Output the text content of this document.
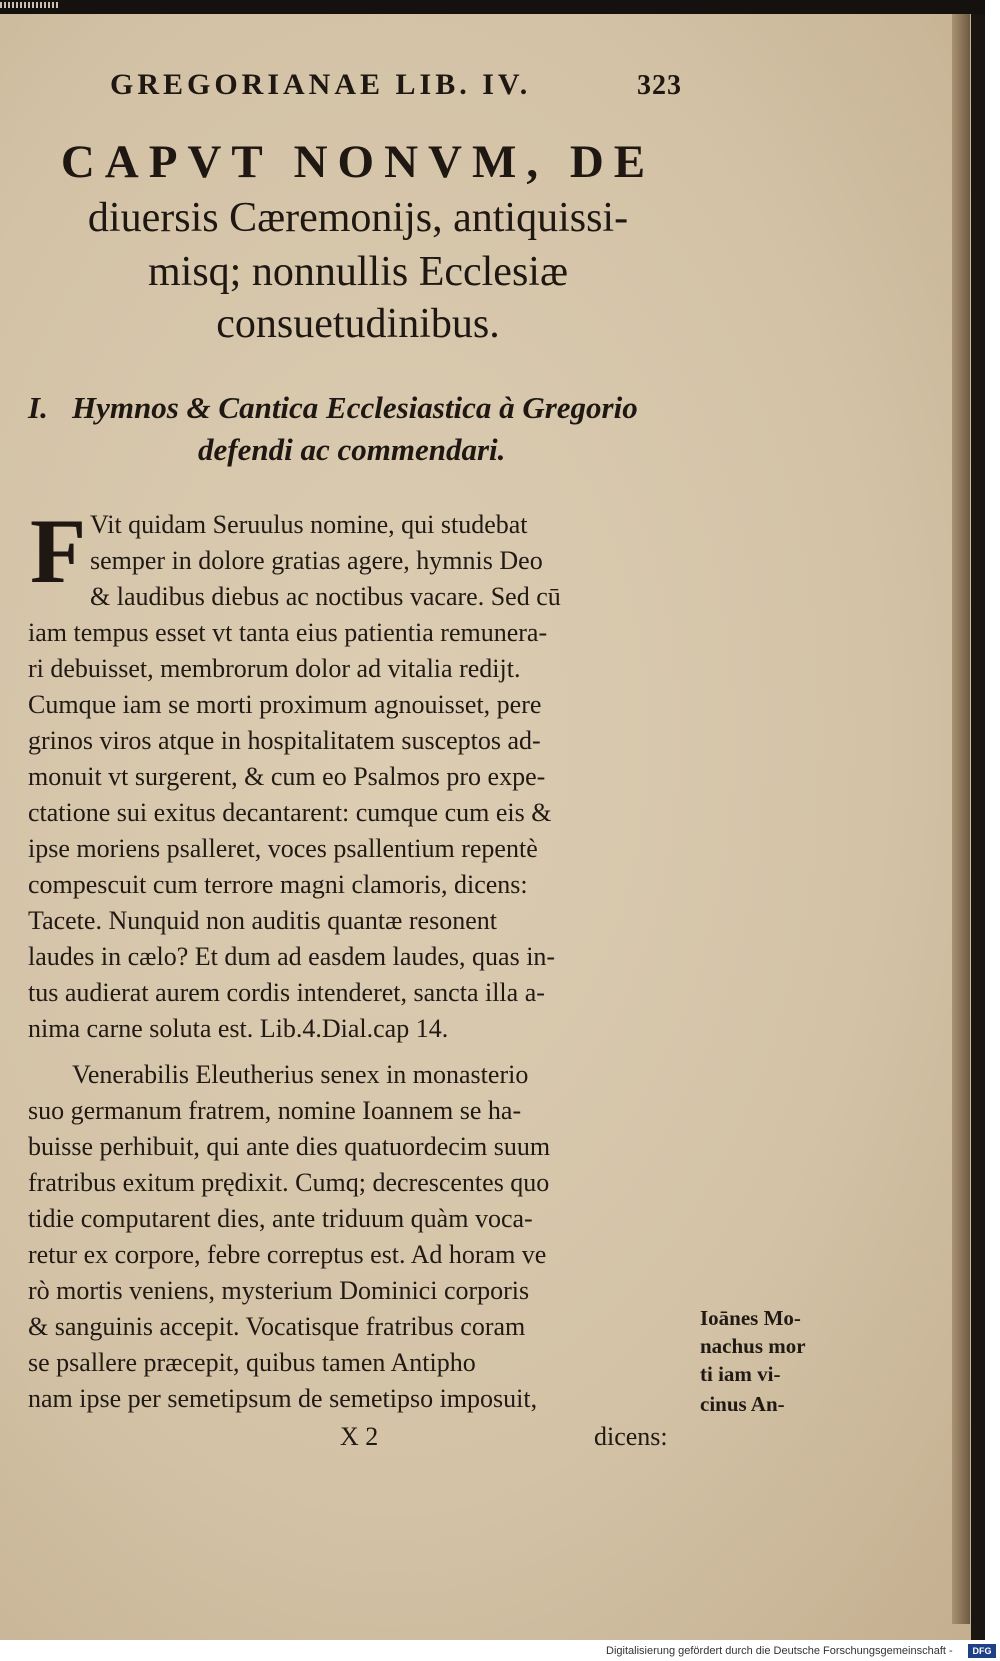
GREGORIANAE LIB. IV.	323
CAPVT NONVM, DE
diuersis Cæremonijs, antiquissi-
misq; nonnullis Ecclesiæ
consuetudinibus.
I. Hymnos & Cantica Ecclesiastica à Gregorio
defendi ac commendari.
F Vit quidam Seruulus nomine, qui studebat
semper in dolore gratias agere, hymnis Deo
& laudibus diebus ac noctibus vacare. Sed cū
iam tempus esset vt tanta eius patientia remunera-
ri debuisset, membrorum dolor ad vitalia redijt.
Cumque iam se morti proximum agnouisset, pere
grinos viros atque in hospitalitatem susceptos ad-
monuit vt surgerent, & cum eo Psalmos pro expe-
ctatione sui exitus decantarent: cumque cum eis &
ipse moriens psalleret, voces psallentium repentè
compescuit cum terrore magni clamoris, dicens:
Tacete. Nunquid non auditis quantæ resonent
laudes in cælo? Et dum ad easdem laudes, quas in-
tus audierat aurem cordis intenderet, sancta illa a-
nima carne soluta est. Lib.4.Dial.cap 14.
Venerabilis Eleutherius senex in monasterio
suo germanum fratrem, nomine Ioannem se ha-
buisse perhibuit, qui ante dies quatuordecim suum
fratribus exitum prędixit. Cumq; decrescentes quo
tidie computarent dies, ante triduum quàm voca-
retur ex corpore, febre correptus est. Ad horam ve
rò mortis veniens, mysterium Dominici corporis
& sanguinis accepit. Vocatisque fratribus coram
se psallere præcepit, quibus tamen Antipho
nam ipse per semetipsum de semetipso imposuit,
X 2	dicens:
Ioānes Mo-
nachus mor
ti iam vi-
cinus An-
Digitalisierung gefördert durch die Deutsche Forschungsgemeinschaft -	DFG
